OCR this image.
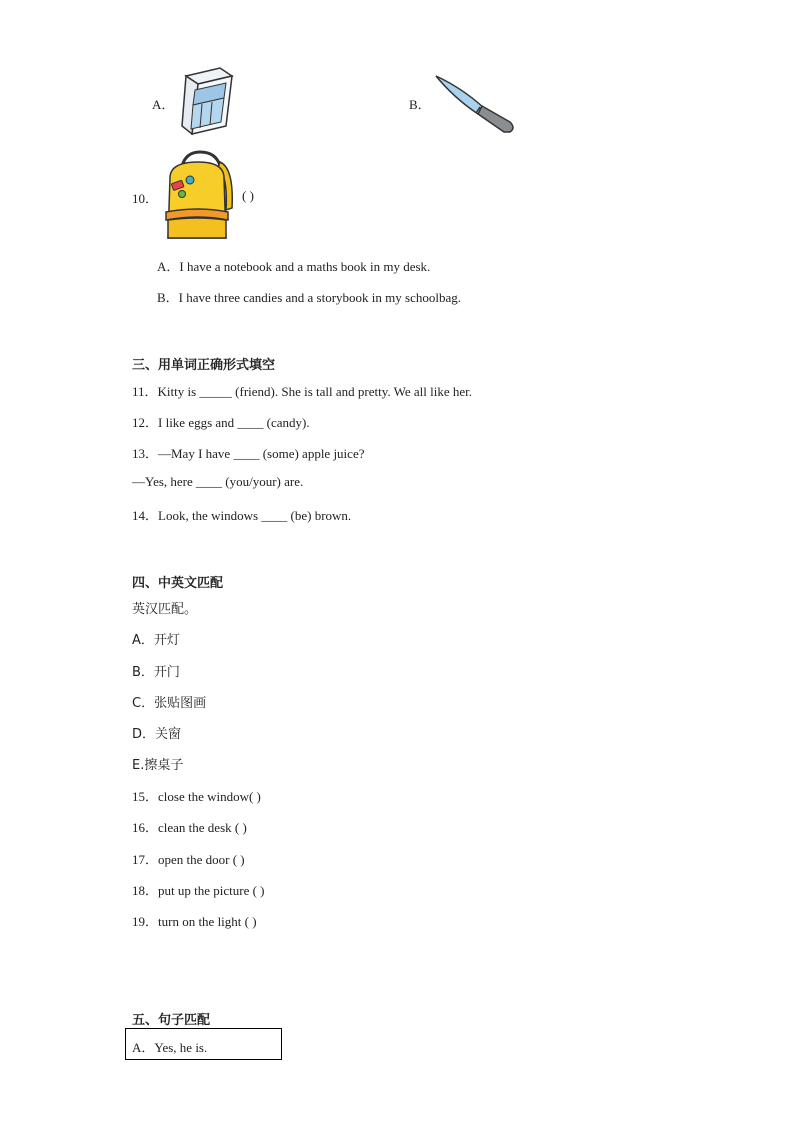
A．	B．
10．	( )
A．I have a notebook and a maths book in my desk.
B．I have three candies and a storybook in my schoolbag.
三、用单词正确形式填空
11．Kitty is _____ (friend). She is tall and pretty. We all like her.
12．I like eggs and ____ (candy).
13．—May I have ____ (some) apple juice?
—Yes, here ____ (you/your) are.
14．Look, the windows ____ (be) brown.
四、中英文匹配
英汉匹配。
A．开灯
B．开门
C．张贴图画
D．关窗
E.擦桌子
15．close the window( )
16．clean the desk ( )
17．open the door ( )
18．put up the picture ( )
19．turn on the light ( )
五、句子匹配
A．Yes, he is.
